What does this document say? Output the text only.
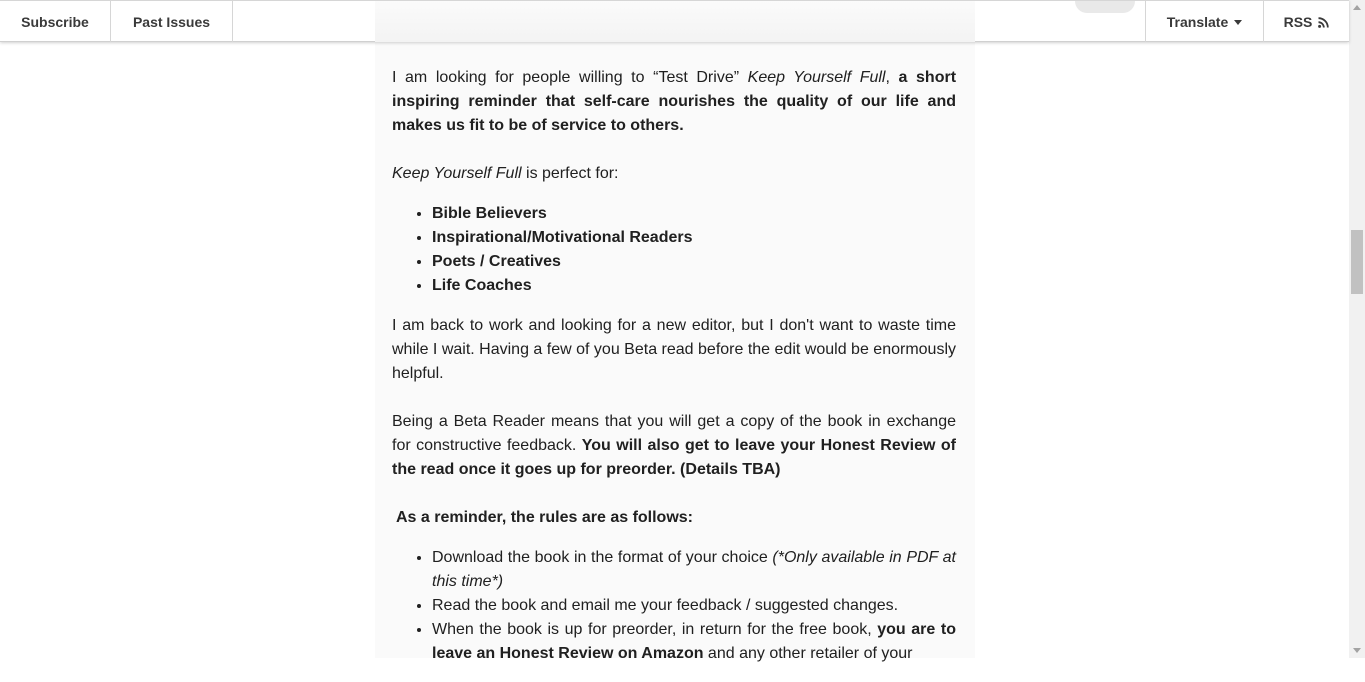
Subscribe	Past Issues	Translate	RSS

I am looking for people willing to “Test Drive” Keep Yourself Full, a short inspiring reminder that self-care nourishes the quality of our life and makes us fit to be of service to others.

Keep Yourself Full is perfect for:

• Bible Believers
• Inspirational/Motivational Readers
• Poets / Creatives
• Life Coaches

I am back to work and looking for a new editor, but I don't want to waste time while I wait. Having a few of you Beta read before the edit would be enormously helpful.

Being a Beta Reader means that you will get a copy of the book in exchange for constructive feedback. You will also get to leave your Honest Review of the read once it goes up for preorder. (Details TBA)

As a reminder, the rules are as follows:

• Download the book in the format of your choice (*Only available in PDF at this time*)
• Read the book and email me your feedback / suggested changes.
• When the book is up for preorder, in return for the free book, you are to leave an Honest Review on Amazon and any other retailer of your
